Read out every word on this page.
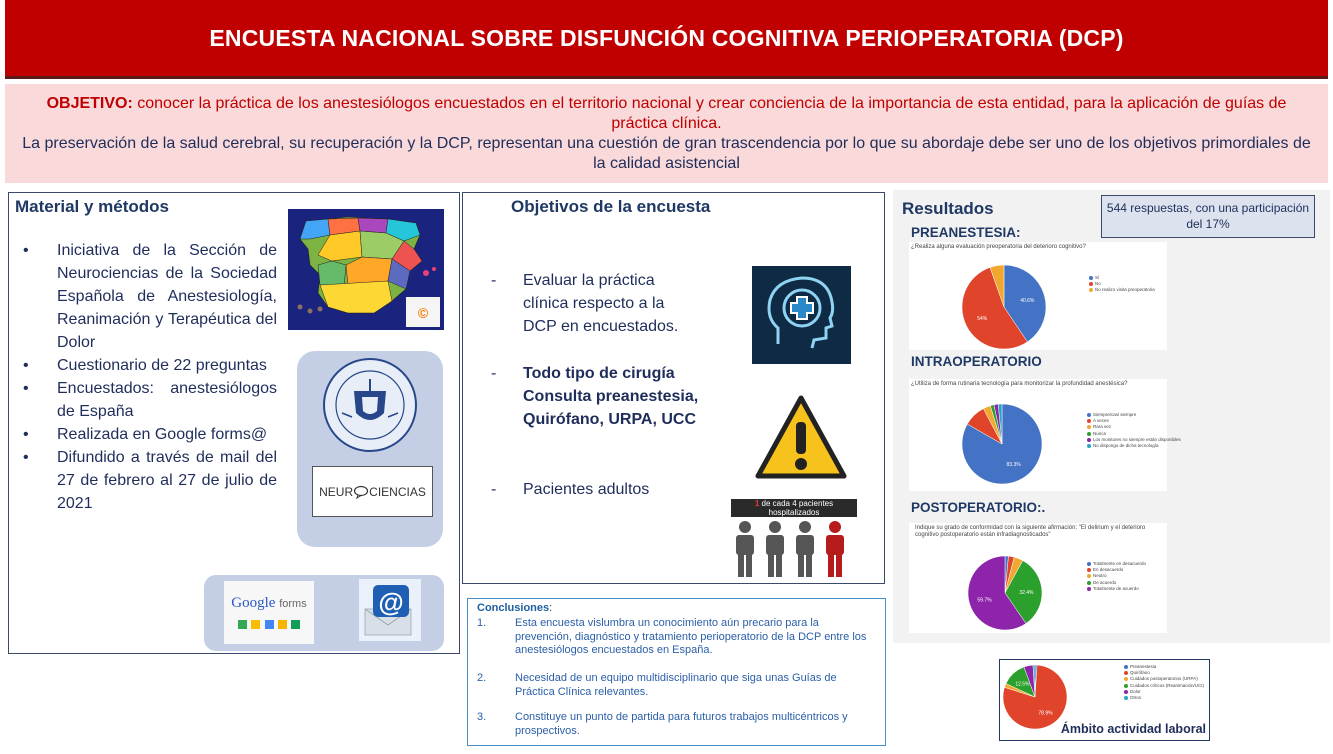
ENCUESTA NACIONAL SOBRE DISFUNCIÓN COGNITIVA PERIOPERATORIA (DCP)
OBJETIVO: conocer la práctica de los anestesiólogos encuestados en el territorio nacional y crear conciencia de la importancia de esta entidad, para la aplicación de guías de práctica clínica.
La preservación de la salud cerebral, su recuperación y la DCP, representan una cuestión de gran trascendencia por lo que su abordaje debe ser uno de los objetivos primordiales de la calidad asistencial
Material y métodos
• Iniciativa de la Sección de Neurociencias de la Sociedad Española de Anestesiología, Reanimación y Terapéutica del Dolor
• Cuestionario de 22 preguntas
• Encuestados: anestesiólogos de España
• Realizada en Google forms@
• Difundido a través de mail del 27 de febrero al 27 de julio de 2021
©
NEUR CIENCIAS
Google forms
	@
Objetivos de la encuesta
- Evaluar la práctica clínica respecto a la DCP en encuestados.
- Todo tipo de cirugía Consulta preanestesia, Quirófano, URPA, UCC
- Pacientes adultos
1 de cada 4 pacientes
hospitalizados
Conclusiones:
1.	Esta encuesta vislumbra un conocimiento aún precario para la prevención, diagnóstico y tratamiento perioperatorio de la DCP entre los anestesiólogos encuestados en España.
2.	Necesidad de un equipo multidisciplinario que siga unas Guías de Práctica Clínica relevantes.
3.	Constituye un punto de partida para futuros trabajos multicéntricos y prospectivos.
Resultados
PREANESTESIA:
INTRAOPERATORIO
POSTOPERATORIO:.
¿Realiza alguna evaluación preoperatoria del deterioro cognitivo?
40.6%
54%
Sí
No
No realizo visita preoperatoria
¿Utiliza de forma rutinaria tecnología para monitorizar la profundidad anestésica?
83.3%
Siempre/casi siempre
A veces
Rara vez
Nunca
Los monitores no siempre están disponibles
No dispongo de dicha tecnología
Indique su grado de conformidad con la siguiente afirmación: "El delirium y el deterioro cognitivo postoperatorio están infradiagnosticados"
32.4%
59.7%
Totalmente en desacuerdo
En desacuerdo
Neutro
De acuerdo
Totalmente de acuerdo
544 respuestas, con una participación del 17%
78.9%
12.5%
Preanestesia
Quirófano
Cuidados postoperatorios (URPA)
Cuidados críticos (Reanimación/UCI)
Dolor
Otros
Ámbito actividad laboral
